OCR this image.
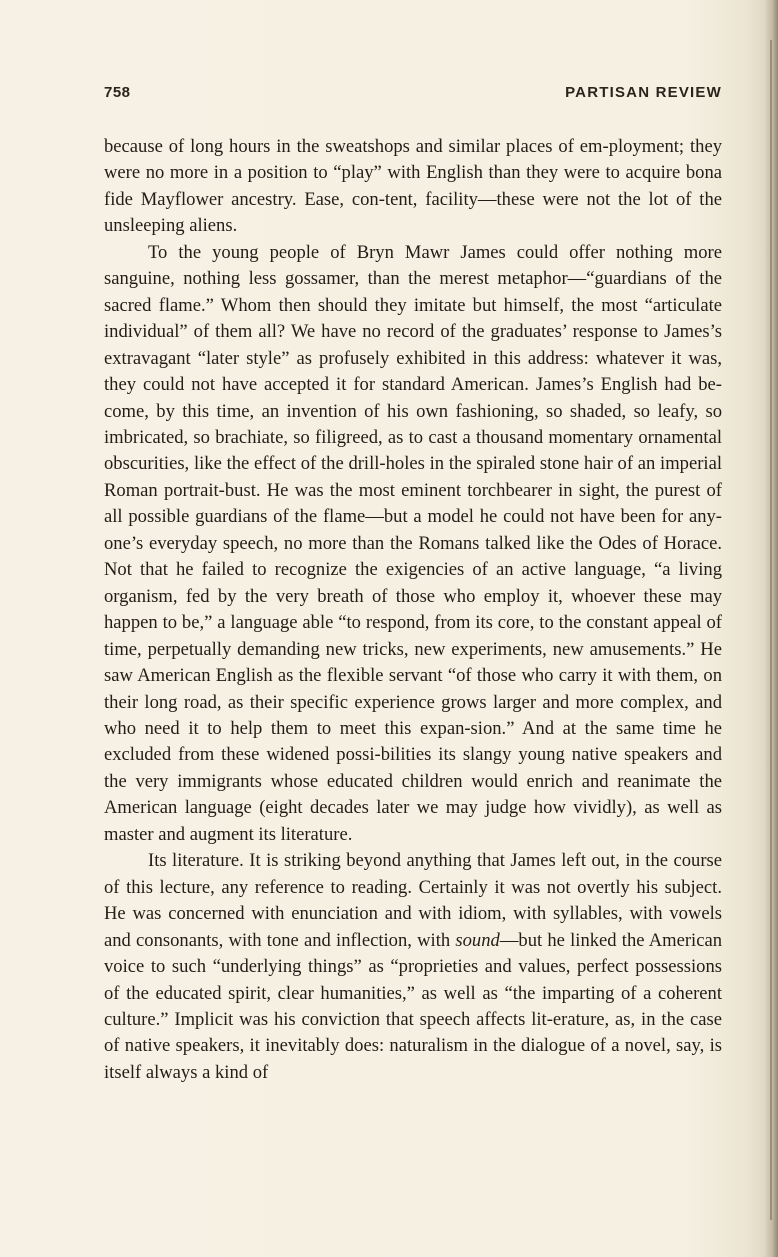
758	PARTISAN REVIEW

because of long hours in the sweatshops and similar places of em-ployment; they were no more in a position to “play” with English than they were to acquire bona fide Mayflower ancestry. Ease, con-tent, facility—these were not the lot of the unsleeping aliens.

To the young people of Bryn Mawr James could offer nothing more sanguine, nothing less gossamer, than the merest metaphor—“guardians of the sacred flame.” Whom then should they imitate but himself, the most “articulate individual” of them all? We have no record of the graduates’ response to James’s extravagant “later style” as profusely exhibited in this address: whatever it was, they could not have accepted it for standard American. James’s English had be-come, by this time, an invention of his own fashioning, so shaded, so leafy, so imbricated, so brachiate, so filigreed, as to cast a thousand momentary ornamental obscurities, like the effect of the drill-holes in the spiraled stone hair of an imperial Roman portrait-bust. He was the most eminent torchbearer in sight, the purest of all possible guardians of the flame—but a model he could not have been for any-one’s everyday speech, no more than the Romans talked like the Odes of Horace. Not that he failed to recognize the exigencies of an active language, “a living organism, fed by the very breath of those who employ it, whoever these may happen to be,” a language able “to respond, from its core, to the constant appeal of time, perpetually demanding new tricks, new experiments, new amusements.” He saw American English as the flexible servant “of those who carry it with them, on their long road, as their specific experience grows larger and more complex, and who need it to help them to meet this expan-sion.” And at the same time he excluded from these widened possi-bilities its slangy young native speakers and the very immigrants whose educated children would enrich and reanimate the American language (eight decades later we may judge how vividly), as well as master and augment its literature.

Its literature. It is striking beyond anything that James left out, in the course of this lecture, any reference to reading. Certainly it was not overtly his subject. He was concerned with enunciation and with idiom, with syllables, with vowels and consonants, with tone and inflection, with sound—but he linked the American voice to such “underlying things” as “proprieties and values, perfect possessions of the educated spirit, clear humanities,” as well as “the imparting of a coherent culture.” Implicit was his conviction that speech affects lit-erature, as, in the case of native speakers, it inevitably does: naturalism in the dialogue of a novel, say, is itself always a kind of
